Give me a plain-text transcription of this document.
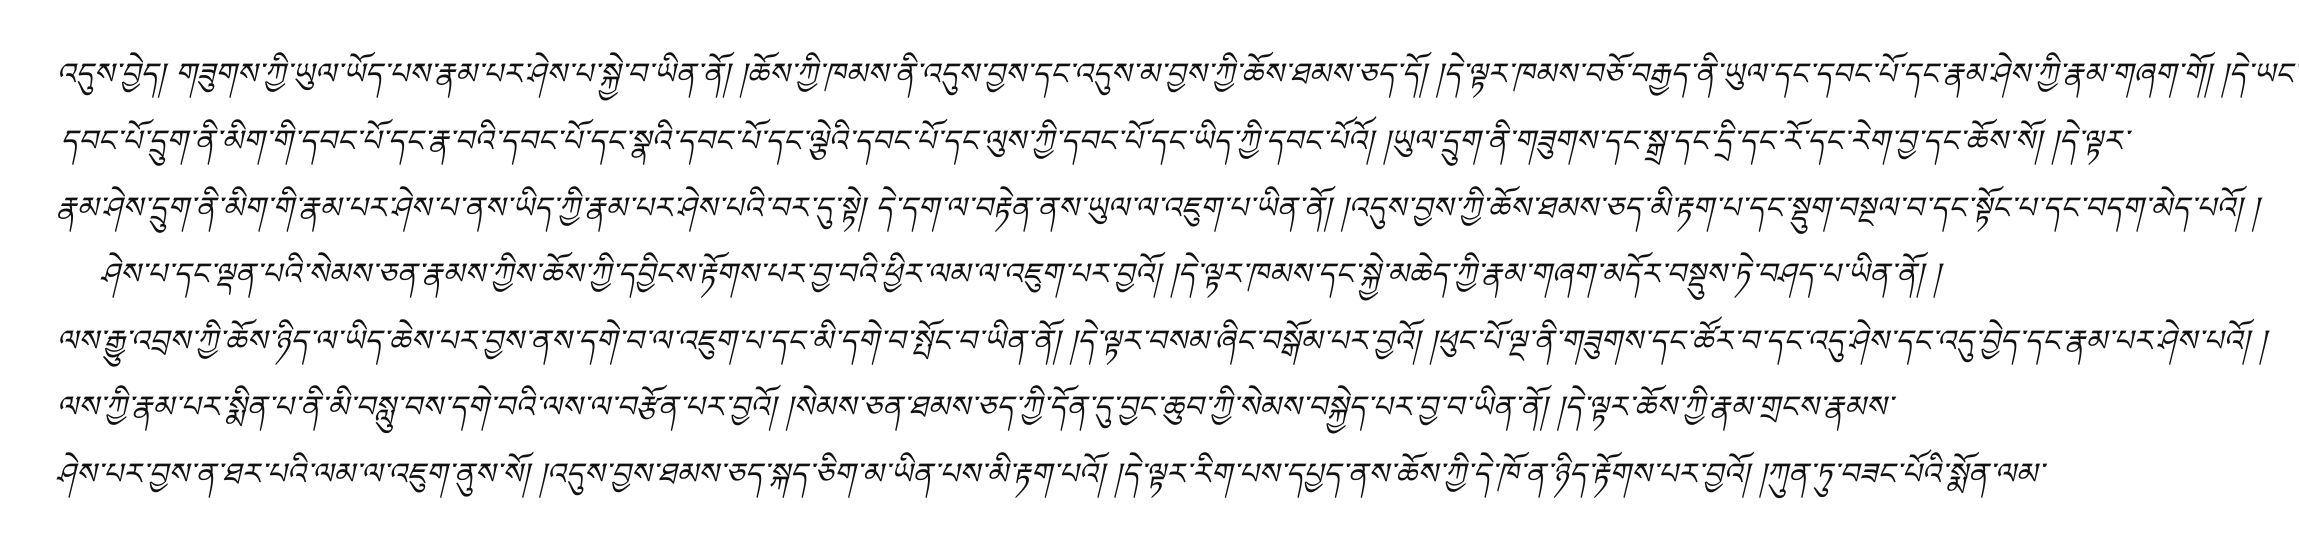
འདུས་བྱེད། གཟུགས་ཀྱི་ཡུལ་ཡོད་པས་རྣམ་པར་ཤེས་པ་སྐྱེ་བ་ཡིན་ནོ། །ཆོས་ཀྱི་ཁམས་ནི་འདུས་བྱས་དང་འདུས་མ་བྱས་ཀྱི་ཆོས་ཐམས་ཅད་དོ། །དེ་ལྟར་ཁམས་བཅོ་བརྒྱད་ནི་ཡུལ་དང་དབང་པོ་དང་རྣམ་ཤེས་ཀྱི་རྣམ་གཞག་གོ། །དེ་ཡང་
དབང་པོ་དྲུག་ནི་མིག་གི་དབང་པོ་དང་རྣ་བའི་དབང་པོ་དང་སྣའི་དབང་པོ་དང་ལྕེའི་དབང་པོ་དང་ལུས་ཀྱི་དབང་པོ་དང་ཡིད་ཀྱི་དབང་པོའོ། །ཡུལ་དྲུག་ནི་གཟུགས་དང་སྒྲ་དང་དྲི་དང་རོ་དང་རེག་བྱ་དང་ཆོས་སོ། །དེ་ལྟར་
རྣམ་ཤེས་དྲུག་ནི་མིག་གི་རྣམ་པར་ཤེས་པ་ནས་ཡིད་ཀྱི་རྣམ་པར་ཤེས་པའི་བར་དུ་སྟེ། དེ་དག་ལ་བརྟེན་ནས་ཡུལ་ལ་འཇུག་པ་ཡིན་ནོ། །འདུས་བྱས་ཀྱི་ཆོས་ཐམས་ཅད་མི་རྟག་པ་དང་སྡུག་བསྔལ་བ་དང་སྟོང་པ་དང་བདག་མེད་པའོ། །
ཤེས་པ་དང་ལྡན་པའི་སེམས་ཅན་རྣམས་ཀྱིས་ཆོས་ཀྱི་དབྱིངས་རྟོགས་པར་བྱ་བའི་ཕྱིར་ལམ་ལ་འཇུག་པར་བྱའོ། །དེ་ལྟར་ཁམས་དང་སྐྱེ་མཆེད་ཀྱི་རྣམ་གཞག་མདོར་བསྡུས་ཏེ་བཤད་པ་ཡིན་ནོ། །
ལས་རྒྱུ་འབྲས་ཀྱི་ཆོས་ཉིད་ལ་ཡིད་ཆེས་པར་བྱས་ནས་དགེ་བ་ལ་འཇུག་པ་དང་མི་དགེ་བ་སྤོང་བ་ཡིན་ནོ། །དེ་ལྟར་བསམ་ཞིང་བསྒོམ་པར་བྱའོ། །ཕུང་པོ་ལྔ་ནི་གཟུགས་དང་ཚོར་བ་དང་འདུ་ཤེས་དང་འདུ་བྱེད་དང་རྣམ་པར་ཤེས་པའོ། །
ལས་ཀྱི་རྣམ་པར་སྨིན་པ་ནི་མི་བསླུ་བས་དགེ་བའི་ལས་ལ་བརྩོན་པར་བྱའོ། །སེམས་ཅན་ཐམས་ཅད་ཀྱི་དོན་དུ་བྱང་ཆུབ་ཀྱི་སེམས་བསྐྱེད་པར་བྱ་བ་ཡིན་ནོ། །དེ་ལྟར་ཆོས་ཀྱི་རྣམ་གྲངས་རྣམས་
ཤེས་པར་བྱས་ན་ཐར་པའི་ལམ་ལ་འཇུག་ནུས་སོ། །འདུས་བྱས་ཐམས་ཅད་སྐད་ཅིག་མ་ཡིན་པས་མི་རྟག་པའོ། །དེ་ལྟར་རིག་པས་དཔྱད་ནས་ཆོས་ཀྱི་དེ་ཁོ་ན་ཉིད་རྟོགས་པར་བྱའོ། །ཀུན་ཏུ་བཟང་པོའི་སྨོན་ལམ་
